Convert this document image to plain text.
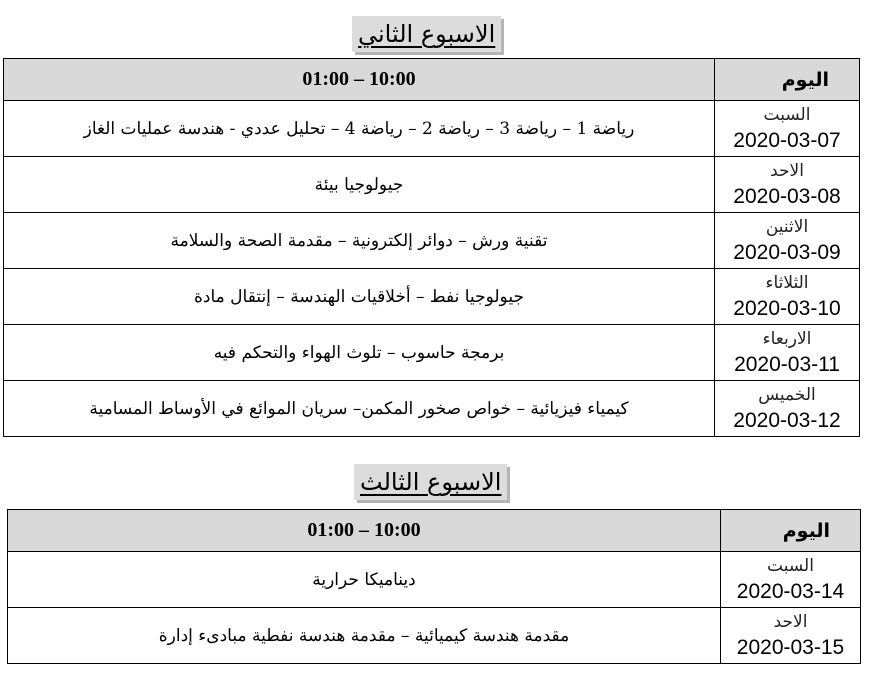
الاسبوع الثاني
01:00 – 10:00	اليوم
رياضة 1 – رياضة 3 – رياضة 2 – رياضة 4 – تحليل عددي - هندسة عمليات الغاز	السبت
2020-03-07

جيولوجيا بيئة	الاحد
2020-03-08

تقنية ورش – دوائر إلكترونية – مقدمة الصحة والسلامة	الاثنين
2020-03-09

جيولوجيا نفط – أخلاقيات الهندسة – إنتقال مادة	الثلاثاء
2020-03-10

برمجة حاسوب – تلوث الهواء والتحكم فيه	الاربعاء
2020-03-11

كيمياء فيزيائية – خواص صخور المكمن– سريان الموائع في الأوساط المسامية	الخميس
2020-03-12
الاسبوع الثالث
01:00 – 10:00	اليوم
ديناميكا حرارية	السبت
2020-03-14

مقدمة هندسة كيميائية – مقدمة هندسة نفطية مبادىء إدارة	الاحد
2020-03-15
